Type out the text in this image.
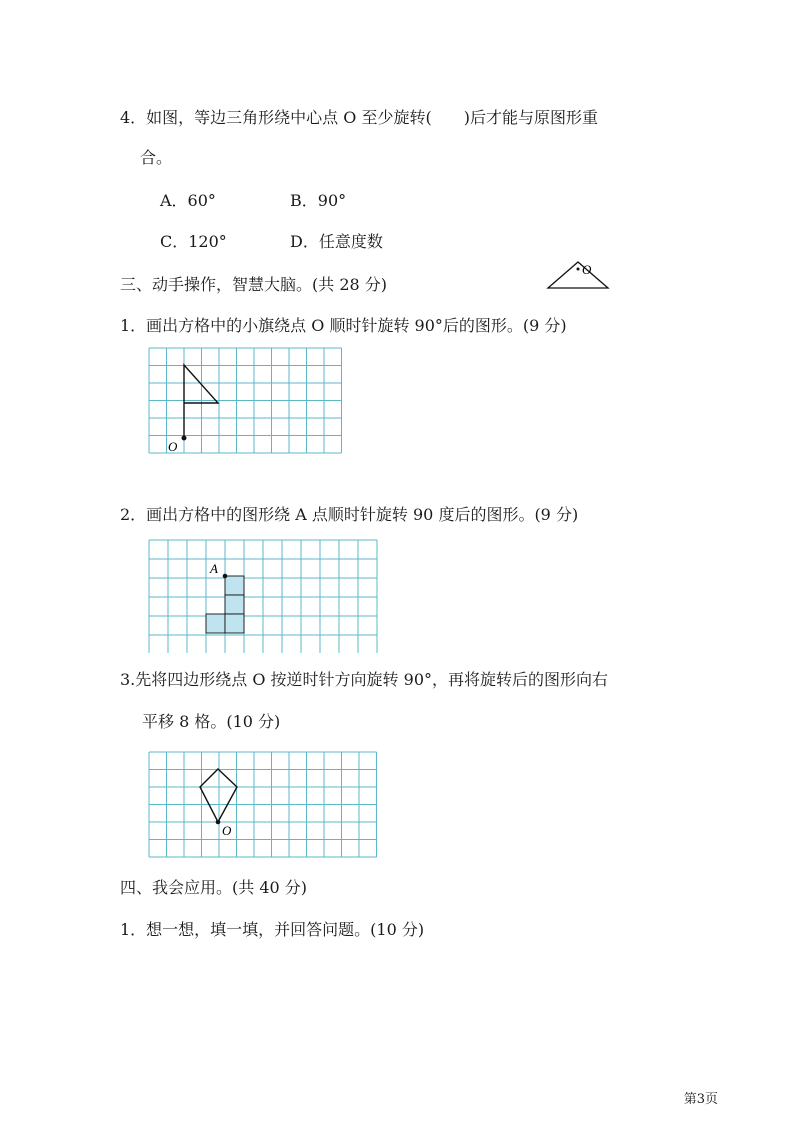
4．如图，等边三角形绕中心点 O 至少旋转(　　)后才能与原图形重
合。
A．60°	B．90°
C．120°	D．任意度数
O
三、动手操作，智慧大脑。(共 28 分)
1．画出方格中的小旗绕点 O 顺时针旋转 90°后的图形。(9 分)
O
2．画出方格中的图形绕 A 点顺时针旋转 90 度后的图形。(9 分)
A
3.先将四边形绕点 O 按逆时针方向旋转 90°，再将旋转后的图形向右
平移 8 格。(10 分)
O
四、我会应用。(共 40 分)
1．想一想，填一填，并回答问题。(10 分)
第3页
